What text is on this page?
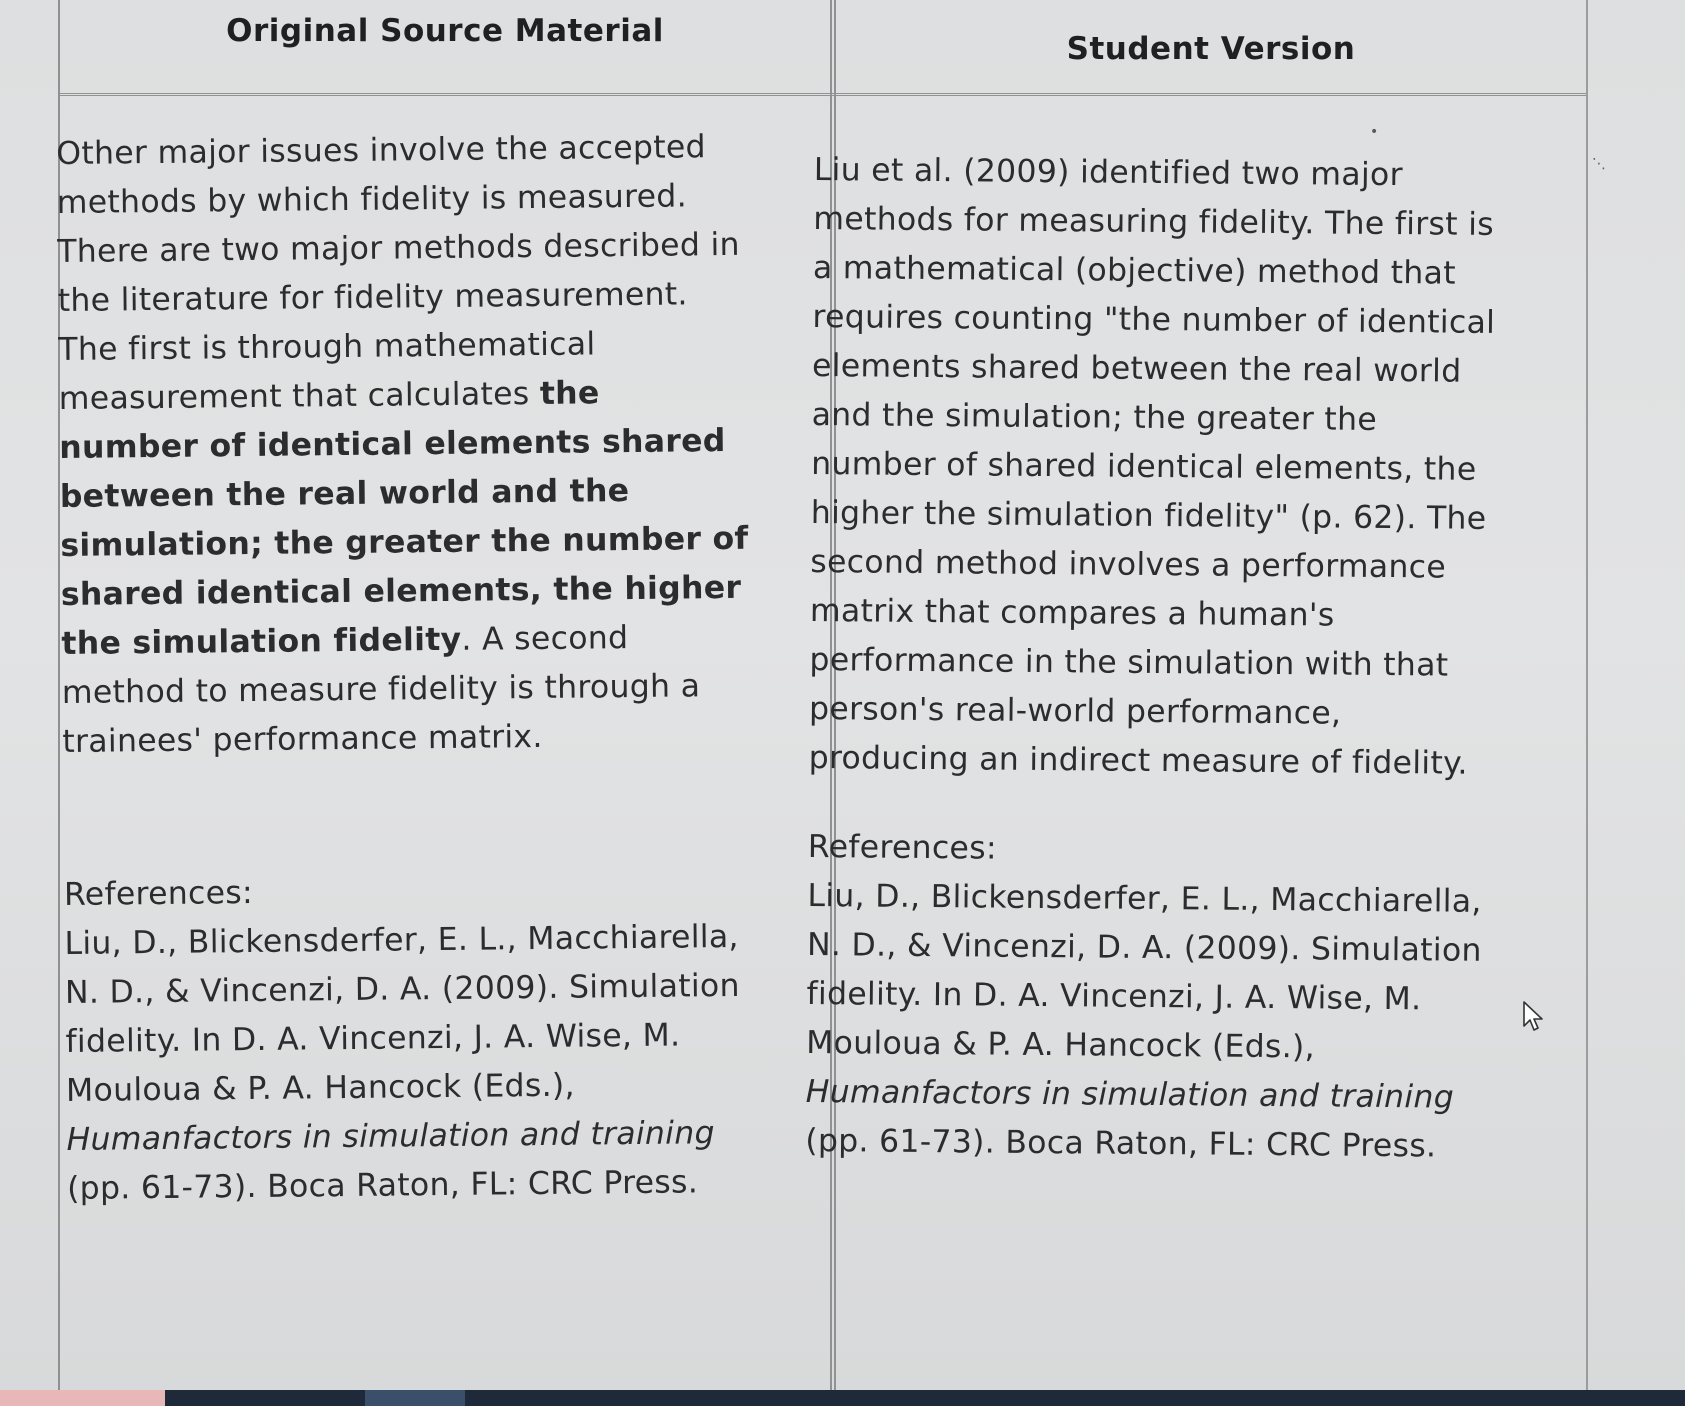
Original Source Material	Student Version

Other major issues involve the accepted methods by which fidelity is measured. There are two major methods described in the literature for fidelity measurement. The first is through mathematical measurement that calculates the number of identical elements shared between the real world and the simulation; the greater the number of shared identical elements, the higher the simulation fidelity. A second method to measure fidelity is through a trainees' performance matrix.

References:

Liu, D., Blickensderfer, E. L., Macchiarella, N. D., & Vincenzi, D. A. (2009). Simulation fidelity. In D. A. Vincenzi, J. A. Wise, M. Mouloua & P. A. Hancock (Eds.), Humanfactors in simulation and training (pp. 61-73). Boca Raton, FL: CRC Press.

Liu et al. (2009) identified two major methods for measuring fidelity. The first is a mathematical (objective) method that requires counting "the number of identical elements shared between the real world and the simulation; the greater the number of shared identical elements, the higher the simulation fidelity" (p. 62). The second method involves a performance matrix that compares a human's performance in the simulation with that person's real-world performance, producing an indirect measure of fidelity.

References:

Liu, D., Blickensderfer, E. L., Macchiarella, N. D., & Vincenzi, D. A. (2009). Simulation fidelity. In D. A. Vincenzi, J. A. Wise, M. Mouloua & P. A. Hancock (Eds.), Humanfactors in simulation and training (pp. 61-73). Boca Raton, FL: CRC Press.

•
⋱
